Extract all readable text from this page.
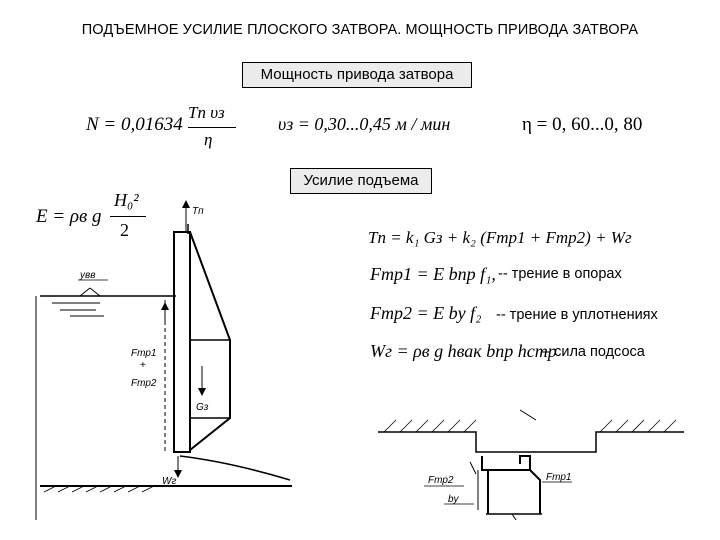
ПОДЪЕМНОЕ УСИЛИЕ ПЛОСКОГО ЗАТВОРА. МОЩНОСТЬ ПРИВОДА ЗАТВОРА
Мощность привода затвора
N = 0,01634
Tп υз
η
υз = 0,30...0,45 м / мин	η = 0, 60...0, 80
Усилие подъема
E = ρв g
H₀²
2	Tп = k₁ Gз + k₂ (Fтр1 + Fтр2) + Wг
Fтр1 = E bпр f₁, -- трение в опорах
Fтр2 = E bу f₂ -- трение в уплотнениях
Wг = ρв g hвак bпр hстр
– сила подсоса
увв
Tп
Gз
Fтр1
+
Fтр2
Wг	Fтр2
bу
Fтр1
